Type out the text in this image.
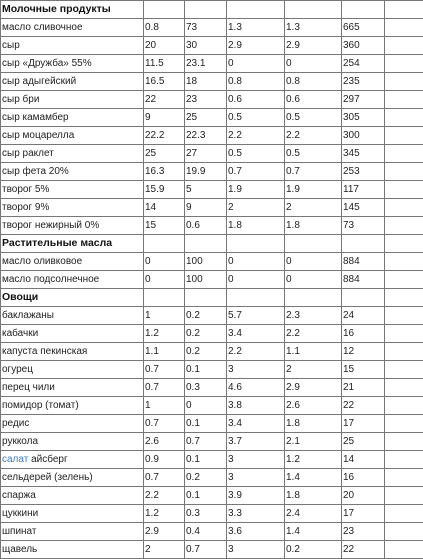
Молочные продукты						
масло сливочное	0.8	73	1.3	1.3	665	
сыр	20	30	2.9	2.9	360	
сыр «Дружба» 55%	11.5	23.1	0	0	254	
сыр адыгейский	16.5	18	0.8	0.8	235	
сыр бри	22	23	0.6	0.6	297	
сыр камамбер	9	25	0.5	0.5	305	
сыр моцарелла	22.2	22.3	2.2	2.2	300	
сыр раклет	25	27	0.5	0.5	345	
сыр фета 20%	16.3	19.9	0.7	0.7	253	
творог 5%	15.9	5	1.9	1.9	117	
творог 9%	14	9	2	2	145	
творог нежирный 0%	15	0.6	1.8	1.8	73	
Растительные масла						
масло оливковое	0	100	0	0	884	
масло подсолнечное	0	100	0	0	884	
Овощи						
баклажаны	1	0.2	5.7	2.3	24	
кабачки	1.2	0.2	3.4	2.2	16	
капуста пекинская	1.1	0.2	2.2	1.1	12	
огурец	0.7	0.1	3	2	15	
перец чили	0.7	0.3	4.6	2.9	21	
помидор (томат)	1	0	3.8	2.6	22	
редис	0.7	0.1	3.4	1.8	17	
руккола	2.6	0.7	3.7	2.1	25	
салат айсберг	0.9	0.1	3	1.2	14	
сельдерей (зелень)	0.7	0.2	3	1.4	16	
спаржа	2.2	0.1	3.9	1.8	20	
цуккини	1.2	0.3	3.3	2.4	17	
шпинат	2.9	0.4	3.6	1.4	23	
щавель	2	0.7	3	0.2	22	
